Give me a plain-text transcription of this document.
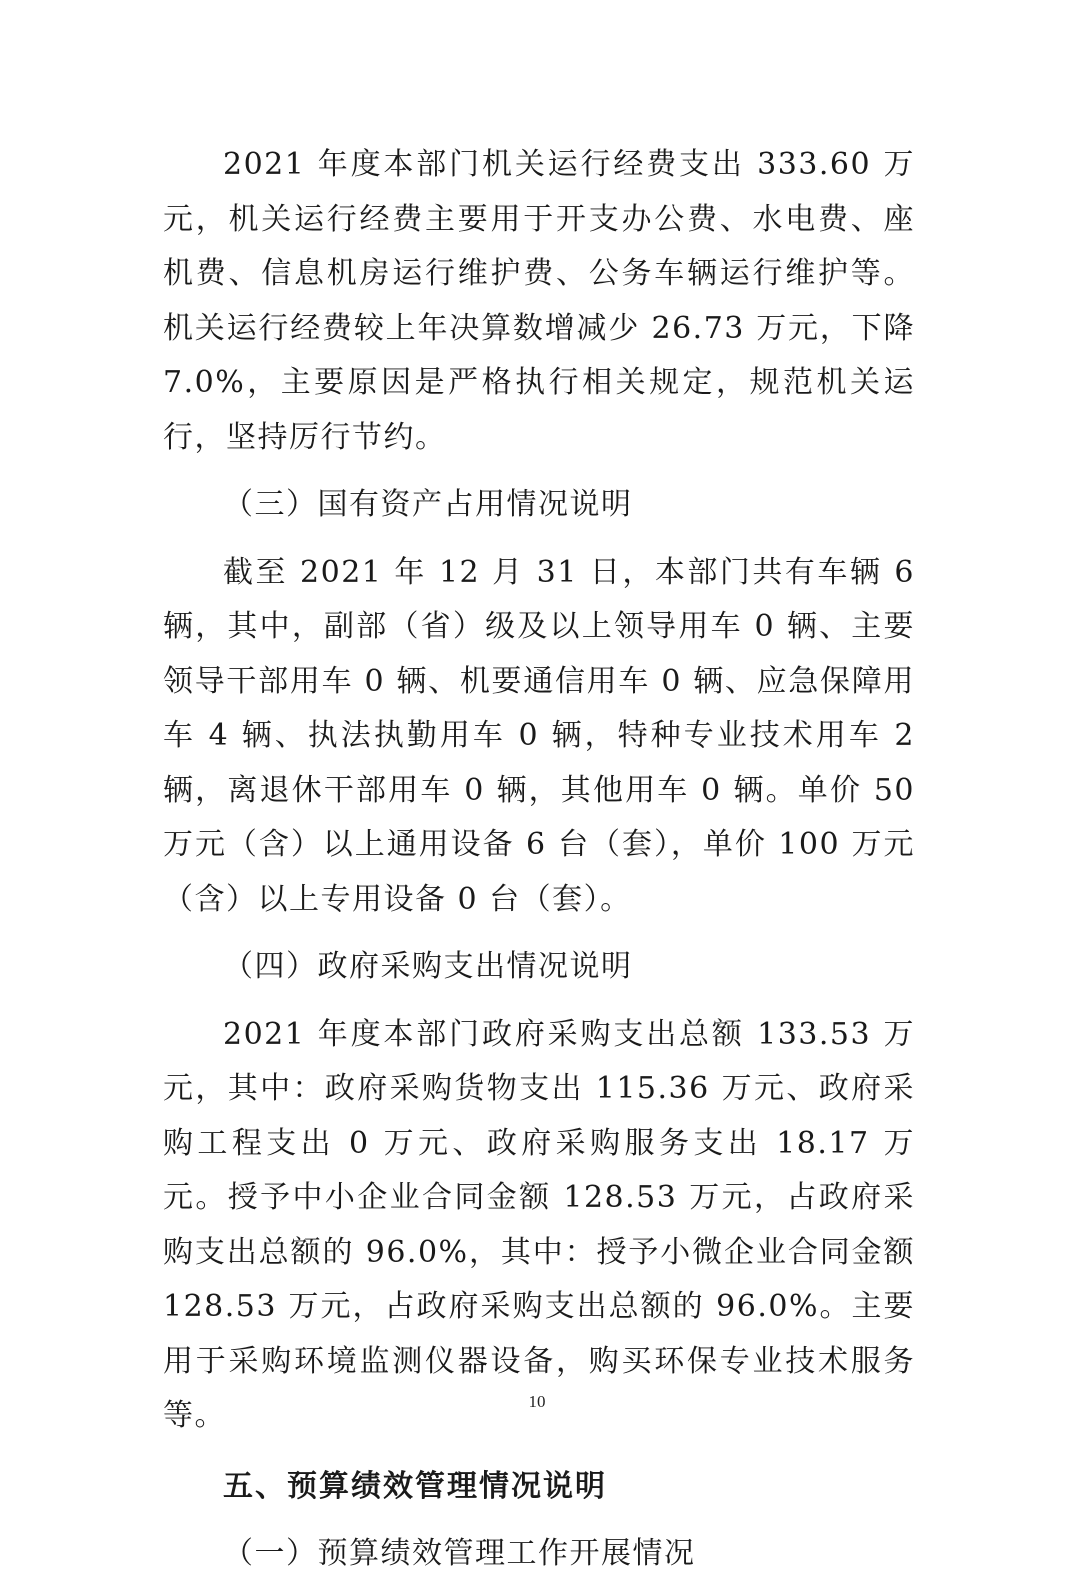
2021 年度本部门机关运行经费支出 333.60 万元，机关运行经费主要用于开支办公费、水电费、座机费、信息机房运行维护费、公务车辆运行维护等。机关运行经费较上年决算数增减少 26.73 万元，下降 7.0%，主要原因是严格执行相关规定，规范机关运行，坚持厉行节约。

（三）国有资产占用情况说明

截至 2021 年 12 月 31 日，本部门共有车辆 6 辆，其中，副部（省）级及以上领导用车 0 辆、主要领导干部用车 0 辆、机要通信用车 0 辆、应急保障用车 4 辆、执法执勤用车 0 辆，特种专业技术用车 2 辆，离退休干部用车 0 辆，其他用车 0 辆。单价 50 万元（含）以上通用设备 6 台（套），单价 100 万元（含）以上专用设备 0 台（套）。

（四）政府采购支出情况说明

2021 年度本部门政府采购支出总额 133.53 万元，其中：政府采购货物支出 115.36 万元、政府采购工程支出 0 万元、政府采购服务支出 18.17 万元。授予中小企业合同金额 128.53 万元，占政府采购支出总额的 96.0%，其中：授予小微企业合同金额 128.53 万元，占政府采购支出总额的 96.0%。主要用于采购环境监测仪器设备，购买环保专业技术服务等。

五、预算绩效管理情况说明

（一）预算绩效管理工作开展情况

10
